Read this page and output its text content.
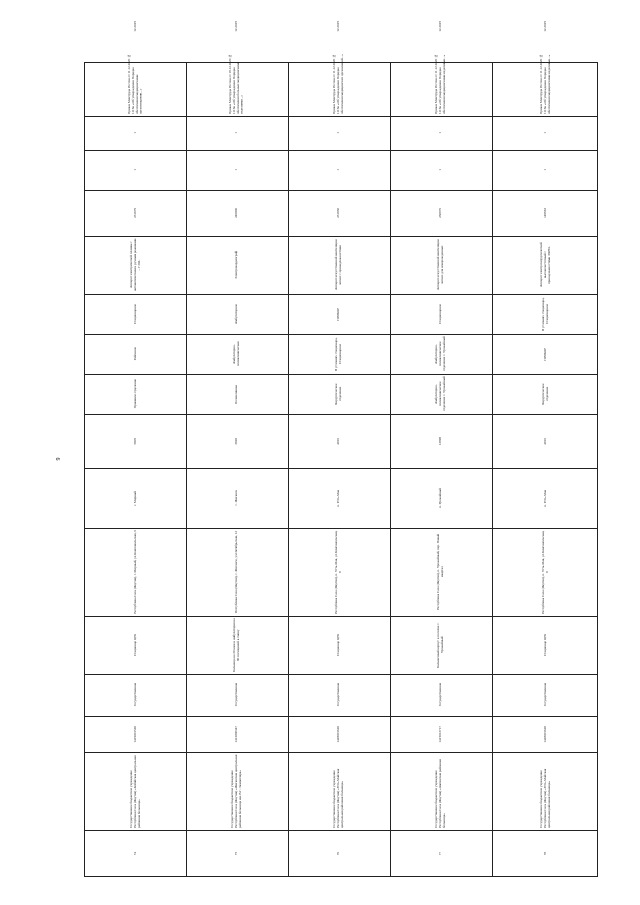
9
74
Государственное бюджетное учреждение Республики Саха (Якутия) «Кобяйская центральная районная больница»
1419001520
Государственная
Стационар ЦРБ
Республика Саха (Якутия), г. Мирный, ул.Комсомольская, 6
г. Мирный
5805
Приемное отделение
Районное
Стационарное
Аппарат электрической плазмы с автоматическим и ручным режимами ... ГЭМ-
231879
1
1
Приказ Минтруда России от 11.12.2020 № 1116н «Об утверждении Порядка обеспечения медицинскими организациями...»
12.2025
75
Государственное бюджетное учреждение Республики Саха (Якутия) «Жиганская центральная районная больница им. В.Г. Экземпляра»
1412000347
Государственная
Больница на 30 коек и амбулатория на 80 посещений в смену
Республика Саха (Якутия), с. Жиганск, ул.Октябрьская, 12
с. Жиганск
3828
Поликлиника
Амбулаторно-поликлиническая
Амбулаторное
Электрокардиограф
246800
1
1
Приказ Минтруда России от 19.12.2020 № 1116н «Об утверждении Порядка обеспечения больных медицинскими изделиями...»
12.2025
76
Государственное бюджетное учреждение Республики Саха (Якутия) «Усть-Майская центральная районная больница»
1428001620
Государственная
Стационар ЦРБ
Республика Саха (Якутия), п. Усть-Мая, ул.Комсомольская, 8
п. Усть-Мая
4816
Хирургическое отделение
В условиях стационара, Стационарное
ПРИБОР
Аппарат искусственной вентиляции легких с принадлежностями
231930
1
1
Приказ Минтруда России от 11.12.2020 № 1116н «Об утверждении Порядка обеспечения медицинских организаций...»
12.2025
77
Государственное бюджетное учреждение Республики Саха (Якутия) «Амгинская районная больница»
1415013717
Государственная
Больничный корпус в поселке с. Урожайный
Республика Саха (Якутия), п. Урожайный, пер. Новый квартал
п. Урожайный
13898
Амбулаторно-поликлиническое отделение с. Урожайный
Амбулаторно-поликлиническое отделение с. Урожайный
Стационарное
Аппарат искусственной вентиляции легких для новорожденных
230976
1
1
Приказ Минтруда России от 11.12.2020 № 1116н «Об утверждении Порядка обеспечения медицинскими изделиями...»
12.2025
78
Государственное бюджетное учреждение Республики Саха (Якутия) «Усть-Майская центральная районная больница»
1428001620
Государственная
Стационар ЦРБ
Республика Саха (Якутия), п. Усть-Мая, ул.Комсомольская, 8
п. Усть-Мая
4816
Хирургическое отделение
ПРИБОР
В условиях стационара, Стационарное
Аппарат электрохирургический высокочастотный с принадлежностями ЭХВЧ-
149663
1
1
Приказ Минтруда России от 11.12.2020 № 1116н «Об утверждении Порядка обеспечения медицинскими изделиями...»
12.2025
